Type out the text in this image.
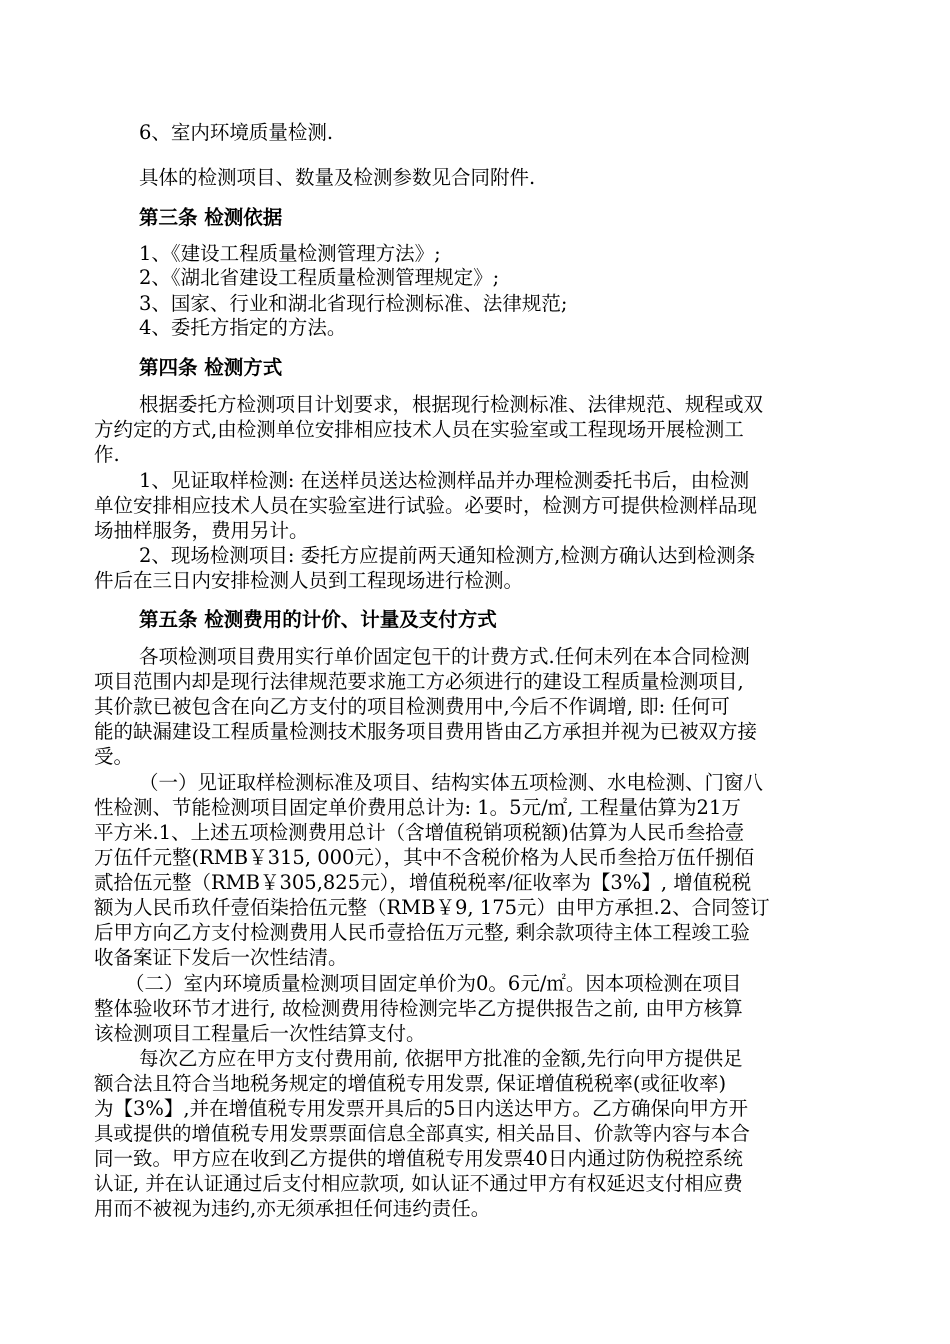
6、室内环境质量检测.
具体的检测项目、数量及检测参数见合同附件.
第三条 检测依据
1、《建设工程质量检测管理方法》;
2、《湖北省建设工程质量检测管理规定》;
3、国家、行业和湖北省现行检测标准、法律规范;
4、委托方指定的方法。
第四条 检测方式
根据委托方检测项目计划要求，根据现行检测标准、法律规范、规程或双
方约定的方式,由检测单位安排相应技术人员在实验室或工程现场开展检测工
作.
1、见证取样检测: 在送样员送达检测样品并办理检测委托书后，由检测
单位安排相应技术人员在实验室进行试验。必要时，检测方可提供检测样品现
场抽样服务，费用另计。
2、现场检测项目: 委托方应提前两天通知检测方,检测方确认达到检测条
件后在三日内安排检测人员到工程现场进行检测。
第五条 检测费用的计价、计量及支付方式
各项检测项目费用实行单价固定包干的计费方式.任何未列在本合同检测
项目范围内却是现行法律规范要求施工方必须进行的建设工程质量检测项目,
其价款已被包含在向乙方支付的项目检测费用中,今后不作调增, 即: 任何可
能的缺漏建设工程质量检测技术服务项目费用皆由乙方承担并视为已被双方接
受。
（一）见证取样检测标准及项目、结构实体五项检测、水电检测、门窗八
性检测、节能检测项目固定单价费用总计为: 1。5元/㎡, 工程量估算为21万
平方米.1、上述五项检测费用总计（含增值税销项税额)估算为人民币叁拾壹
万伍仟元整(RMB￥315, 000元），其中不含税价格为人民币叁拾万伍仟捌佰
贰拾伍元整（RMB￥305,825元），增值税税率/征收率为【3%】, 增值税税
额为人民币玖仟壹佰柒拾伍元整（RMB￥9, 175元）由甲方承担.2、合同签订
后甲方向乙方支付检测费用人民币壹拾伍万元整, 剩余款项待主体工程竣工验
收备案证下发后一次性结清。
（二）室内环境质量检测项目固定单价为0。6元/㎡。因本项检测在项目
整体验收环节才进行, 故检测费用待检测完毕乙方提供报告之前, 由甲方核算
该检测项目工程量后一次性结算支付。
每次乙方应在甲方支付费用前, 依据甲方批准的金额,先行向甲方提供足
额合法且符合当地税务规定的增值税专用发票, 保证增值税税率(或征收率)
为【3%】,并在增值税专用发票开具后的5日内送达甲方。乙方确保向甲方开
具或提供的增值税专用发票票面信息全部真实, 相关品目、价款等内容与本合
同一致。甲方应在收到乙方提供的增值税专用发票40日内通过防伪税控系统
认证, 并在认证通过后支付相应款项, 如认证不通过甲方有权延迟支付相应费
用而不被视为违约,亦无须承担任何违约责任。
